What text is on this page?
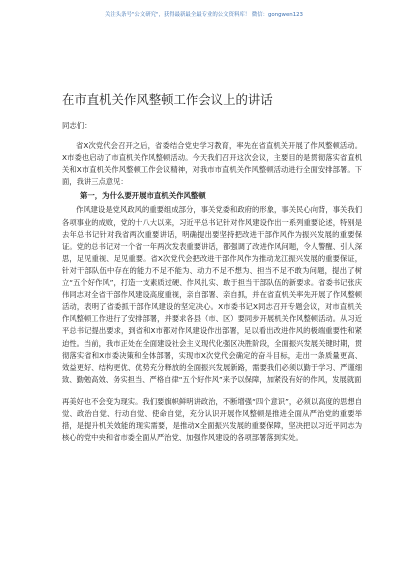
关注头条号"公文研究"，获得最新最全最专业的公文资料库！ 微信：gongwen123
在市直机关作风整顿工作会议上的讲话
同志们：

省X次党代会召开之后，省委结合党史学习教育，率先在省直机关开展了作风整顿活动。X市委也启动了市直机关作风整顿活动。今天我们召开这次会议，主要目的是贯彻落实省直机关和X市直机关作风整顿工作会议精神，对我市市直机关作风整顿活动进行全面安排部署。下面，我讲三点意见：

第一，为什么要开展市直机关作风整顿

作风建设是党风政风的重要组成部分，事关党委和政府的形象，事关民心向背，事关我们各项事业的成败，党的十八大以来，习近平总书记针对作风建设作出一系列重要论述，特别是去年总书记针对我省两次重要讲话，明确提出要坚持把改进干部作风作为振兴发展的重要保证。党的总书记对一个省一年两次发表重要讲话，都强调了改进作风问题，令人警醒、引人深思，足见重视、足见重要。省X次党代会把改进干部作风作为推动龙江振兴发展的重要保证，针对干部队伍中存在的能力不足不能为、动力不足不想为、担当不足不敢为问题，提出了树立“五个好作风”，打造一支素质过硬、作风扎实、敢于担当干部队伍的新要求。省委书记张庆伟同志对全省干部作风建设高度重视，亲自部署、亲自抓，并在省直机关率先开展了作风整顿活动，表明了省委抓干部作风建设的坚定决心。X市委书记X同志召开专题会议，对市直机关作风整顿工作进行了安排部署，并要求各县（市、区）要同步开展机关作风整顿活动。从习近平总书记提出要求，到省和X市都对作风建设作出部署，足以看出改进作风的极端重要性和紧迫性。当前，我市正处在全面建设社会主义现代化强区决胜阶段，全面振兴发展关键时期，贯彻落实省和X市委决策和全体部署，实现市X次党代会确定的奋斗目标，走出一条质量更高、效益更好、结构更优、优势充分释放的全面振兴发展新路，需要我们必须以勤于学习、严谨细致、勤勉高效、务实担当、严格自律“五个好作风”来予以保障，加紧没有好的作风，发展就面

再美好也不会变为现实。我们要旗帜鲜明讲政治，不断增强“四个意识”，必须以高度的思想自觉、政治自觉、行动自觉、使命自觉，充分认识开展作风整顿是推进全面从严治党的重要举措，是提升机关效能的现实需要，是推动X全面振兴发展的重要保障，坚决把以习近平同志为核心的党中央和省市委全面从严治党、加强作风建设的各项部署落到实处。
